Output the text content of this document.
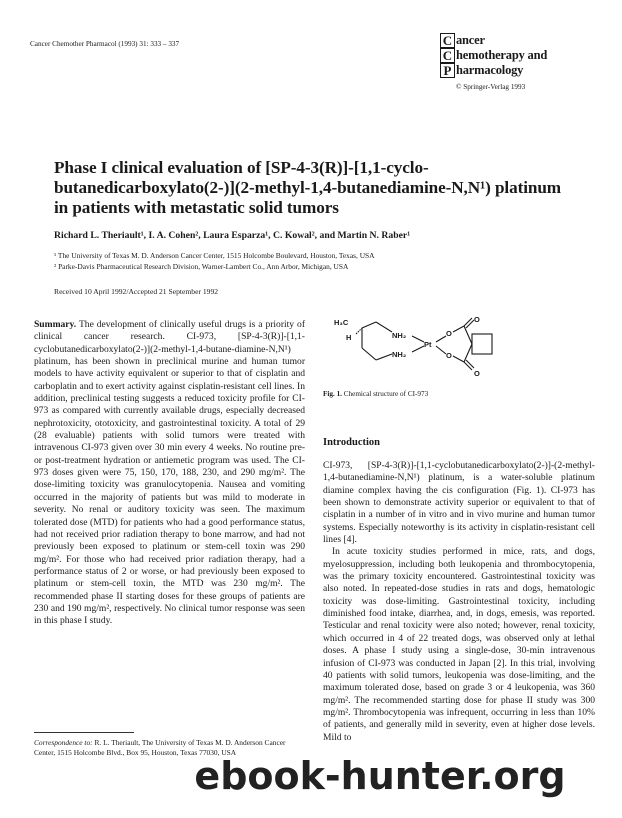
Cancer Chemother Pharmacol (1993) 31: 333 – 337	C ancer
C hemotherapy and
P harmacology
© Springer-Verlag 1993
Phase I clinical evaluation of [SP-4-3(R)]-[1,1-cyclo-butanedicarboxylato(2-)](2-methyl-1,4-butanediamine-N,N¹) platinum in patients with metastatic solid tumors
Richard L. Theriault¹, I. A. Cohen², Laura Esparza¹, C. Kowal², and Martin N. Raber¹
¹ The University of Texas M. D. Anderson Cancer Center, 1515 Holcombe Boulevard, Houston, Texas, USA
² Parke-Davis Pharmaceutical Research Division, Warner-Lambert Co., Ann Arbor, Michigan, USA
Received 10 April 1992/Accepted 21 September 1992
Summary. The development of clinically useful drugs is a priority of clinical cancer research. CI-973, [SP-4-3(R)]-[1,1-cyclobutanedicarboxylato(2-)](2-methyl-1,4-butane-diamine-N,N¹) platinum, has been shown in preclinical murine and human tumor models to have activity equivalent or superior to that of cisplatin and carboplatin and to exert activity against cisplatin-resistant cell lines. In addition, preclinical testing suggests a reduced toxicity profile for CI-973 as compared with currently available drugs, especially decreased nephrotoxicity, ototoxicity, and gastrointestinal toxicity. A total of 29 (28 evaluable) patients with solid tumors were treated with intravenous CI-973 given over 30 min every 4 weeks. No routine pre- or post-treatment hydration or antiemetic program was used. The CI-973 doses given were 75, 150, 170, 188, 230, and 290 mg/m². The dose-limiting toxicity was granulocytopenia. Nausea and vomiting occurred in the majority of patients but was mild to moderate in severity. No renal or auditory toxicity was seen. The maximum tolerated dose (MTD) for patients who had a good performance status, had not received prior radiation therapy to bone marrow, and had not previously been exposed to platinum or stem-cell toxin was 290 mg/m². For those who had received prior radiation therapy, had a performance status of 2 or worse, or had previously been exposed to platinum or stem-cell toxin, the MTD was 230 mg/m². The recommended phase II starting doses for these groups of patients are 230 and 190 mg/m², respectively. No clinical tumor response was seen in this phase I study.
H₃C
H	NH₂
NH₂
Pt
O
O
O
O
Fig. 1. Chemical structure of CI-973
Introduction

CI-973, [SP-4-3(R)]-[1,1-cyclobutanedicarboxylato(2-)]-(2-methyl-1,4-butanediamine-N,N¹) platinum, is a water-soluble platinum diamine complex having the cis configuration (Fig. 1). CI-973 has been shown to demonstrate activity superior or equivalent to that of cisplatin in a number of in vitro and in vivo murine and human tumor systems. Especially noteworthy is its activity in cisplatin-resistant cell lines [4].

In acute toxicity studies performed in mice, rats, and dogs, myelosuppression, including both leukopenia and thrombocytopenia, was the primary toxicity encountered. Gastrointestinal toxicity was also noted. In repeated-dose studies in rats and dogs, hematologic toxicity was dose-limiting. Gastrointestinal toxicity, including diminished food intake, diarrhea, and, in dogs, emesis, was reported. Testicular and renal toxicity were also noted; however, renal toxicity, which occurred in 4 of 22 treated dogs, was observed only at lethal doses. A phase I study using a single-dose, 30-min intravenous infusion of CI-973 was conducted in Japan [2]. In this trial, involving 40 patients with solid tumors, leukopenia was dose-limiting, and the maximum tolerated dose, based on grade 3 or 4 leukopenia, was 360 mg/m². The recommended starting dose for phase II study was 300 mg/m². Thrombocytopenia was infrequent, occurring in less than 10% of patients, and generally mild in severity, even at higher dose levels. Mild to

Correspondence to: R. L. Theriault, The University of Texas M. D. Anderson Cancer Center, 1515 Holcombe Blvd., Box 95, Houston, Texas 77030, USA
ebook-hunter.org
